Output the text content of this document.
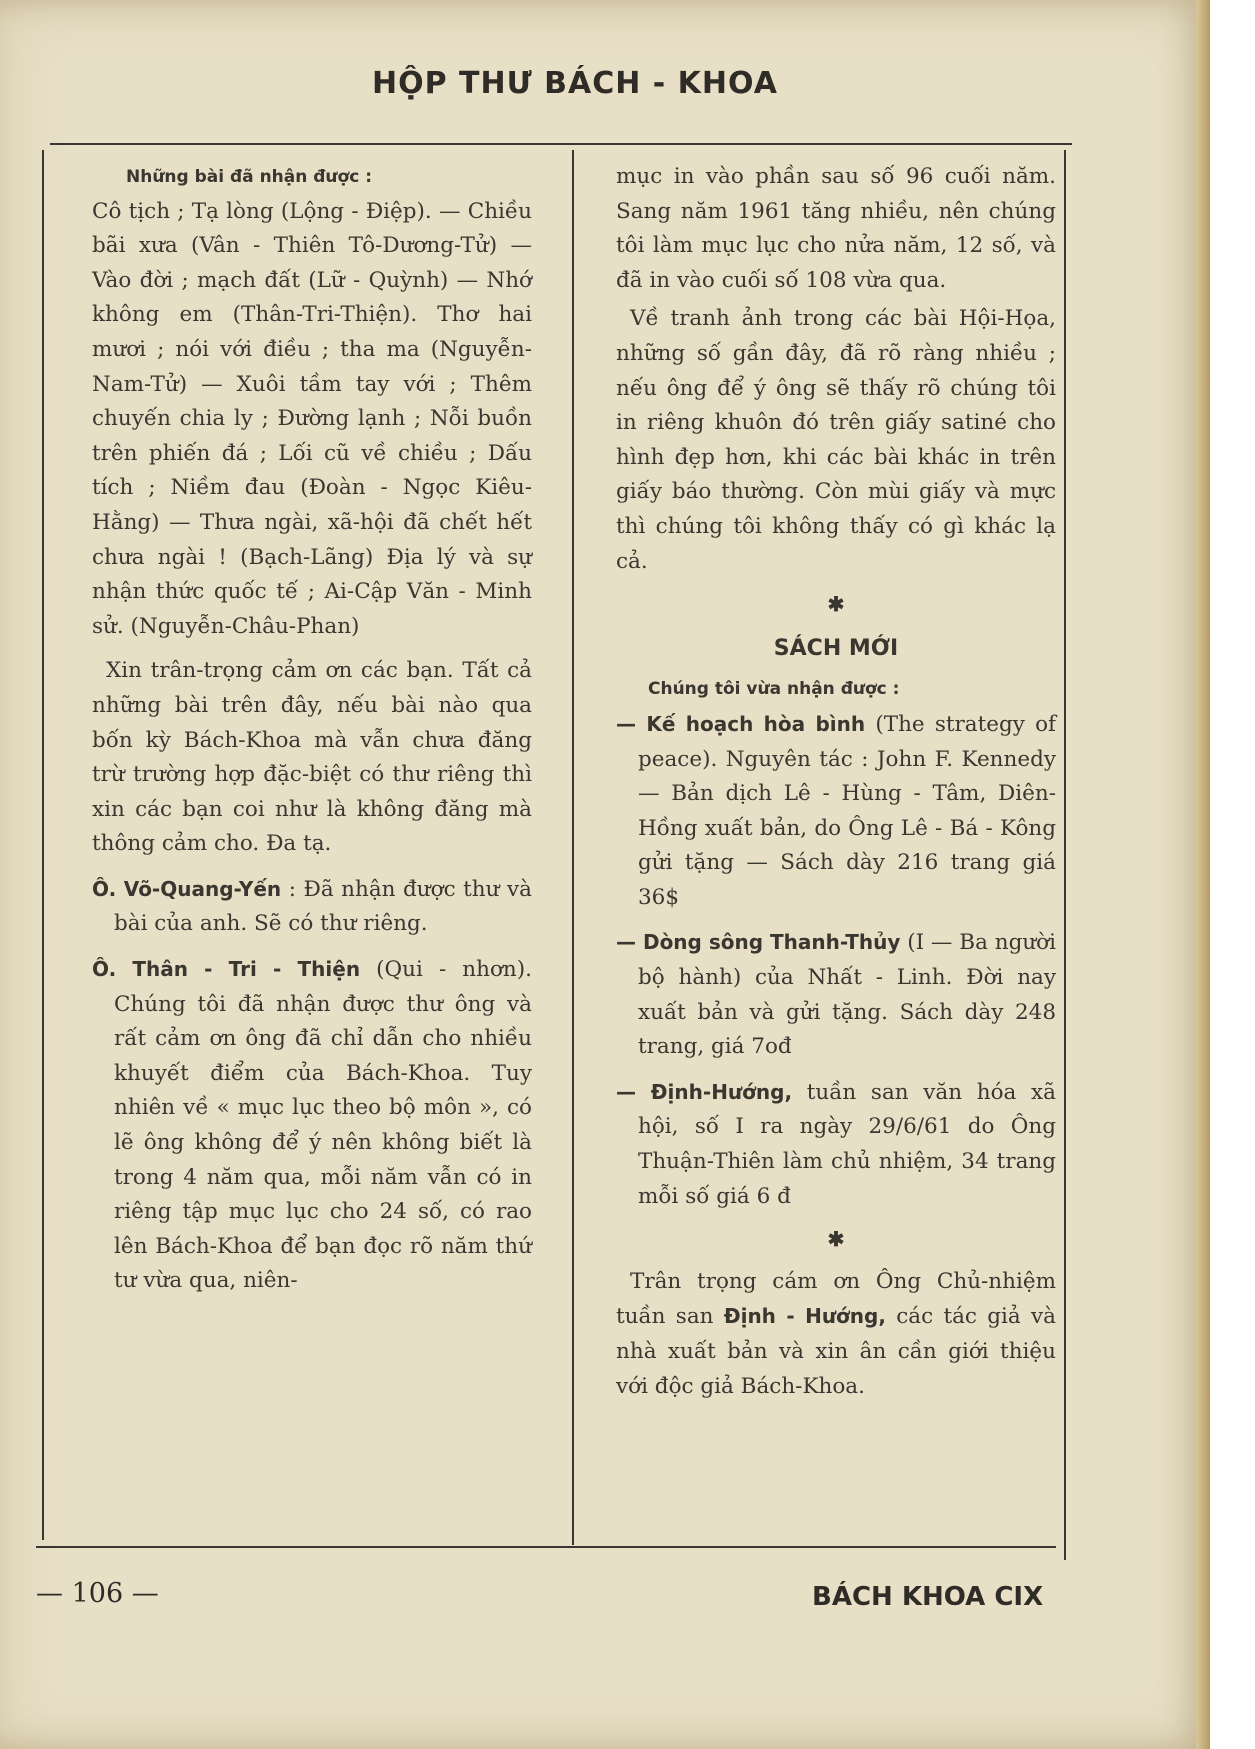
HỘP THƯ BÁCH - KHOA

Những bài đã nhận được :

Cô tịch ; Tạ lòng (Lộng - Điệp). — Chiều bãi xưa (Vân - Thiên Tô-Dương-Tử) — Vào đời ; mạch đất (Lữ - Quỳnh) — Nhớ không em (Thân-Tri-Thiện). Thơ hai mươi ; nói với điều ; tha ma (Nguyễn-Nam-Tử) — Xuôi tầm tay với ; Thêm chuyến chia ly ; Đường lạnh ; Nỗi buồn trên phiến đá ; Lối cũ về chiều ; Dấu tích ; Niềm đau (Đoàn - Ngọc Kiêu-Hằng) — Thưa ngài, xã-hội đã chết hết chưa ngài ! (Bạch-Lãng) Địa lý và sự nhận thức quốc tế ; Ai-Cập Văn - Minh sử. (Nguyễn-Châu-Phan)

Xin trân-trọng cảm ơn các bạn. Tất cả những bài trên đây, nếu bài nào qua bốn kỳ Bách-Khoa mà vẫn chưa đăng trừ trường hợp đặc-biệt có thư riêng thì xin các bạn coi như là không đăng mà thông cảm cho. Đa tạ.

Ô. Võ-Quang-Yến : Đã nhận được thư và bài của anh. Sẽ có thư riêng.

Ô. Thân - Tri - Thiện (Qui - nhơn). Chúng tôi đã nhận được thư ông và rất cảm ơn ông đã chỉ dẫn cho nhiều khuyết điểm của Bách-Khoa. Tuy nhiên về « mục lục theo bộ môn », có lẽ ông không để ý nên không biết là trong 4 năm qua, mỗi năm vẫn có in riêng tập mục lục cho 24 số, có rao lên Bách-Khoa để bạn đọc rõ năm thứ tư vừa qua, niên-

mục in vào phần sau số 96 cuối năm. Sang năm 1961 tăng nhiều, nên chúng tôi làm mục lục cho nửa năm, 12 số, và đã in vào cuối số 108 vừa qua.

Về tranh ảnh trong các bài Hội-Họa, những số gần đây, đã rõ ràng nhiều ; nếu ông để ý ông sẽ thấy rõ chúng tôi in riêng khuôn đó trên giấy satiné cho hình đẹp hơn, khi các bài khác in trên giấy báo thường. Còn mùi giấy và mực thì chúng tôi không thấy có gì khác lạ cả.

✱

SÁCH MỚI

Chúng tôi vừa nhận được :

— Kế hoạch hòa bình (The strategy of peace). Nguyên tác : John F. Kennedy — Bản dịch Lê - Hùng - Tâm, Diên-Hồng xuất bản, do Ông Lê - Bá - Kông gửi tặng — Sách dày 216 trang giá 36$

— Dòng sông Thanh-Thủy (I — Ba người bộ hành) của Nhất - Linh. Đời nay xuất bản và gửi tặng. Sách dày 248 trang, giá 7ođ

— Định-Hướng, tuần san văn hóa xã hội, số I ra ngày 29/6/61 do Ông Thuận-Thiên làm chủ nhiệm, 34 trang mỗi số giá 6 đ

✱

Trân trọng cám ơn Ông Chủ-nhiệm tuần san Định - Hướng, các tác giả và nhà xuất bản và xin ân cần giới thiệu với độc giả Bách-Khoa.

— 106 —	BÁCH KHOA CIX
